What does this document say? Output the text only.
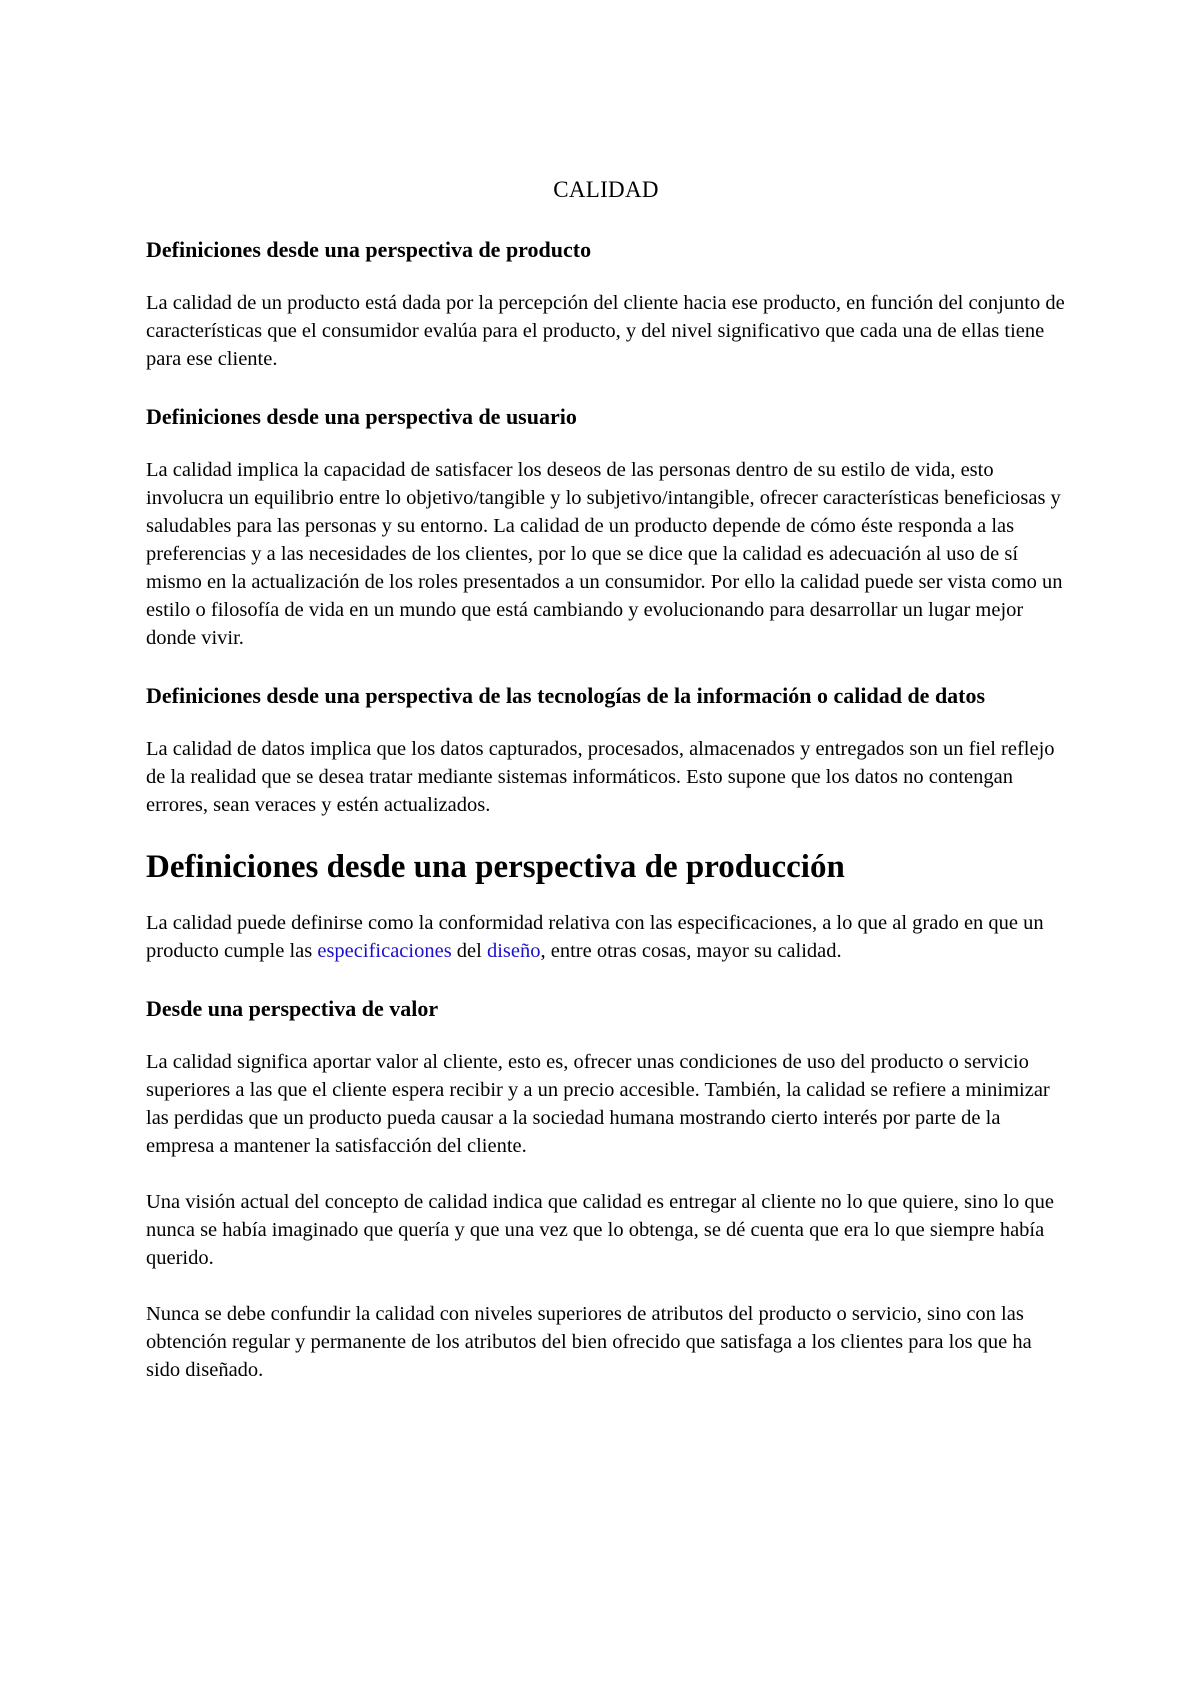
CALIDAD
Definiciones desde una perspectiva de producto

La calidad de un producto está dada por la percepción del cliente hacia ese producto, en función del conjunto de características que el consumidor evalúa para el producto, y del nivel significativo que cada una de ellas tiene para ese cliente.

Definiciones desde una perspectiva de usuario

La calidad implica la capacidad de satisfacer los deseos de las personas dentro de su estilo de vida, esto involucra un equilibrio entre lo objetivo/tangible y lo subjetivo/intangible, ofrecer características beneficiosas y saludables para las personas y su entorno. La calidad de un producto depende de cómo éste responda a las preferencias y a las necesidades de los clientes, por lo que se dice que la calidad es adecuación al uso de sí mismo en la actualización de los roles presentados a un consumidor. Por ello la calidad puede ser vista como un estilo o filosofía de vida en un mundo que está cambiando y evolucionando para desarrollar un lugar mejor donde vivir.

Definiciones desde una perspectiva de las tecnologías de la información o calidad de datos

La calidad de datos implica que los datos capturados, procesados, almacenados y entregados son un fiel reflejo de la realidad que se desea tratar mediante sistemas informáticos. Esto supone que los datos no contengan errores, sean veraces y estén actualizados.

Definiciones desde una perspectiva de producción

La calidad puede definirse como la conformidad relativa con las especificaciones, a lo que al grado en que un producto cumple las especificaciones del diseño, entre otras cosas, mayor su calidad.

Desde una perspectiva de valor

La calidad significa aportar valor al cliente, esto es, ofrecer unas condiciones de uso del producto o servicio superiores a las que el cliente espera recibir y a un precio accesible. También, la calidad se refiere a minimizar las perdidas que un producto pueda causar a la sociedad humana mostrando cierto interés por parte de la empresa a mantener la satisfacción del cliente.

Una visión actual del concepto de calidad indica que calidad es entregar al cliente no lo que quiere, sino lo que nunca se había imaginado que quería y que una vez que lo obtenga, se dé cuenta que era lo que siempre había querido.

Nunca se debe confundir la calidad con niveles superiores de atributos del producto o servicio, sino con las obtención regular y permanente de los atributos del bien ofrecido que satisfaga a los clientes para los que ha sido diseñado.
